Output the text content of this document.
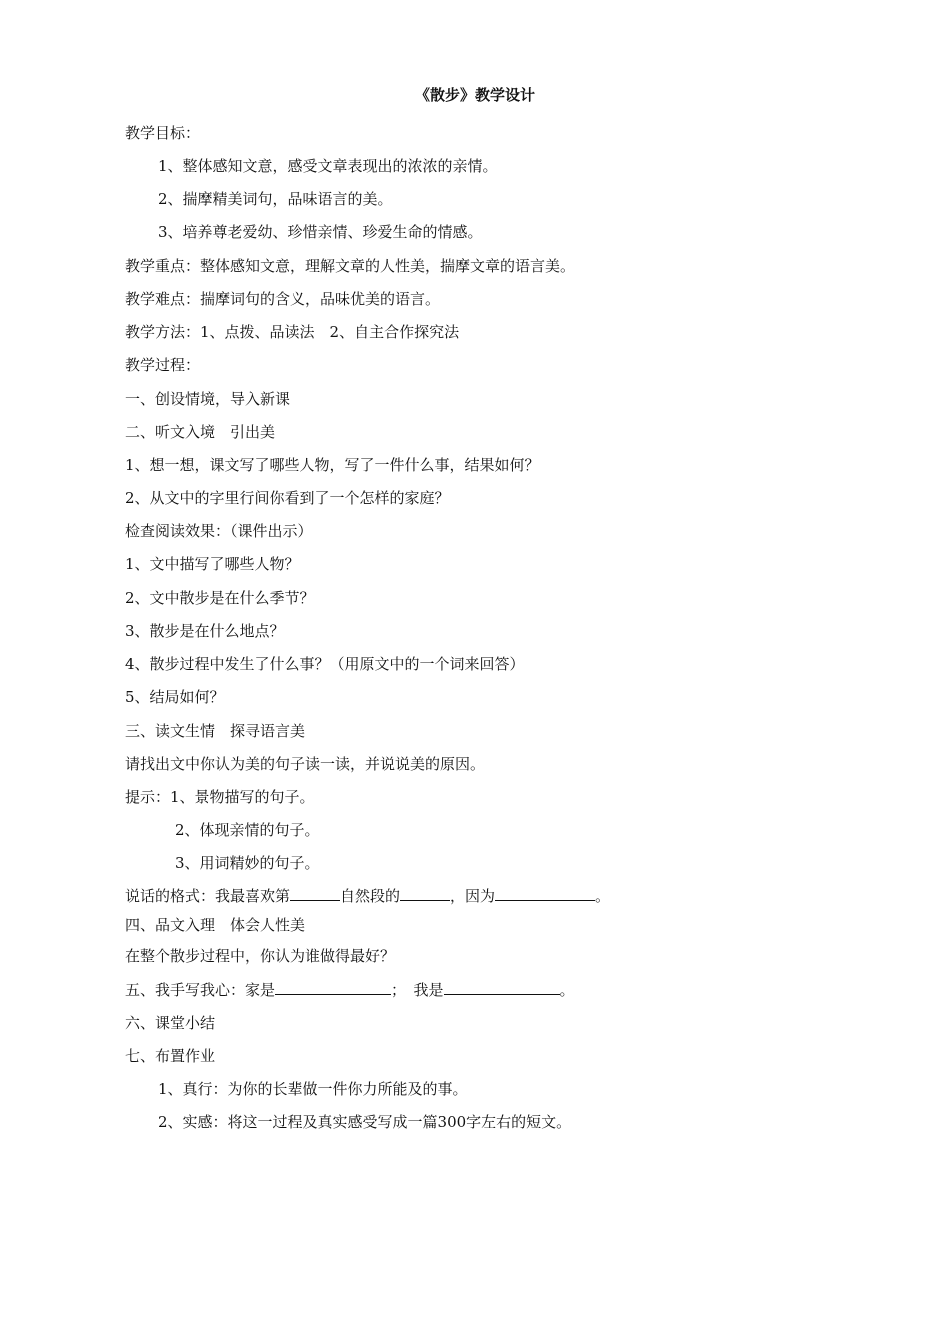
《散步》教学设计
教学目标：
1、整体感知文意，感受文章表现出的浓浓的亲情。
2、揣摩精美词句，品味语言的美。
3、培养尊老爱幼、珍惜亲情、珍爱生命的情感。
教学重点：整体感知文意，理解文章的人性美，揣摩文章的语言美。
教学难点：揣摩词句的含义，品味优美的语言。
教学方法：1、点拨、品读法　2、自主合作探究法
教学过程：
一、创设情境，导入新课
二、听文入境　引出美
1、想一想，课文写了哪些人物，写了一件什么事，结果如何？
2、从文中的字里行间你看到了一个怎样的家庭？
检查阅读效果：（课件出示）
1、文中描写了哪些人物？
2、文中散步是在什么季节？
3、散步是在什么地点？
4、散步过程中发生了什么事？（用原文中的一个词来回答）
5、结局如何？
三、读文生情　探寻语言美
请找出文中你认为美的句子读一读，并说说美的原因。
提示：1、景物描写的句子。
2、体现亲情的句子。
3、用词精妙的句子。
说话的格式：我最喜欢第	自然段的	，因为	。
四、品文入理　体会人性美
在整个散步过程中，你认为谁做得最好？
五、我手写我心：家是	；　我是	。
六、课堂小结
七、布置作业
1、真行：为你的长辈做一件你力所能及的事。
2、实感：将这一过程及真实感受写成一篇300字左右的短文。
